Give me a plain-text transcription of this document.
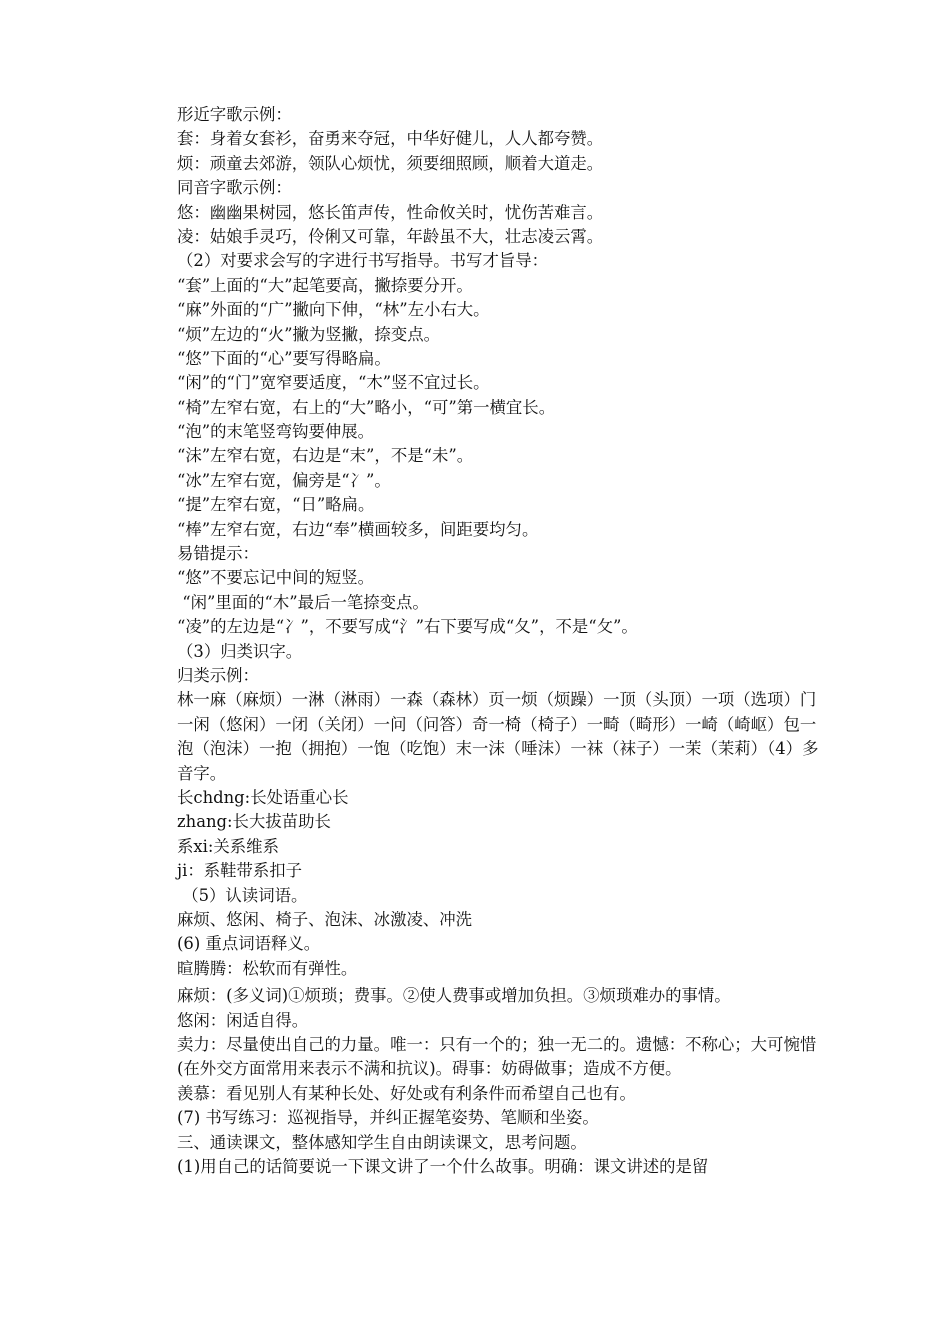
形近字歌示例：
套：身着女套衫，奋勇来夺冠，中华好健儿，人人都夸赞。
烦：顽童去郊游，领队心烦忧，须要细照顾，顺着大道走。
同音字歌示例：
悠：幽幽果树园，悠长笛声传，性命攸关时，忧伤苦难言。
凌：姑娘手灵巧，伶俐又可靠，年龄虽不大，壮志凌云霄。
（2）对要求会写的字进行书写指导。书写才旨导：
“套”上面的“大”起笔要高，撇捺要分开。
“麻”外面的“广”撇向下伸，“林”左小右大。
“烦”左边的“火”撇为竖撇，捺变点。
“悠”下面的“心”要写得略扁。
“闲”的“门”宽窄要适度，“木”竖不宜过长。
“椅”左窄右宽，右上的“大”略小，“可”第一横宜长。
“泡”的末笔竖弯钩要伸展。
“沫”左窄右宽，右边是“末”，不是“未”。
“冰”左窄右宽，偏旁是“冫”。
“提”左窄右宽，“日”略扁。
“棒”左窄右宽，右边“奉”横画较多，间距要均匀。
易错提示：
“悠”不要忘记中间的短竖。
“闲”里面的“木”最后一笔捺变点。
“凌”的左边是“冫”，不要写成“氵”右下要写成“夂”，不是“攵”。
（3）归类识字。
归类示例：
林一麻（麻烦）一淋（淋雨）一森（森林）页一烦（烦躁）一顶（头顶）一项（选项）门一闲（悠闲）一闭（关闭）一问（问答）奇一椅（椅子）一畸（畸形）一崎（崎岖）包一泡（泡沫）一抱（拥抱）一饱（吃饱）末一沫（唾沫）一袜（袜子）一茉（茉莉）（4）多音字。
长chdng:长处语重心长
zhang:长大拔苗助长
系xi:关系维系
ji：系鞋带系扣子
（5）认读词语。
麻烦、悠闲、椅子、泡沫、冰激凌、冲洗
(6) 重点词语释义。
暄腾腾：松软而有弹性。
麻烦：(多义词)①烦琐；费事。②使人费事或增加负担。③烦琐难办的事情。
悠闲：闲适自得。
卖力：尽量使出自己的力量。唯一：只有一个的；独一无二的。遗憾：不称心；大可惋惜(在外交方面常用来表示不满和抗议)。碍事：妨碍做事；造成不方便。
羡慕：看见别人有某种长处、好处或有利条件而希望自己也有。
(7) 书写练习：巡视指导，并纠正握笔姿势、笔顺和坐姿。
三、通读课文，整体感知学生自由朗读课文，思考问题。
(1)用自己的话简要说一下课文讲了一个什么故事。明确：课文讲述的是留
